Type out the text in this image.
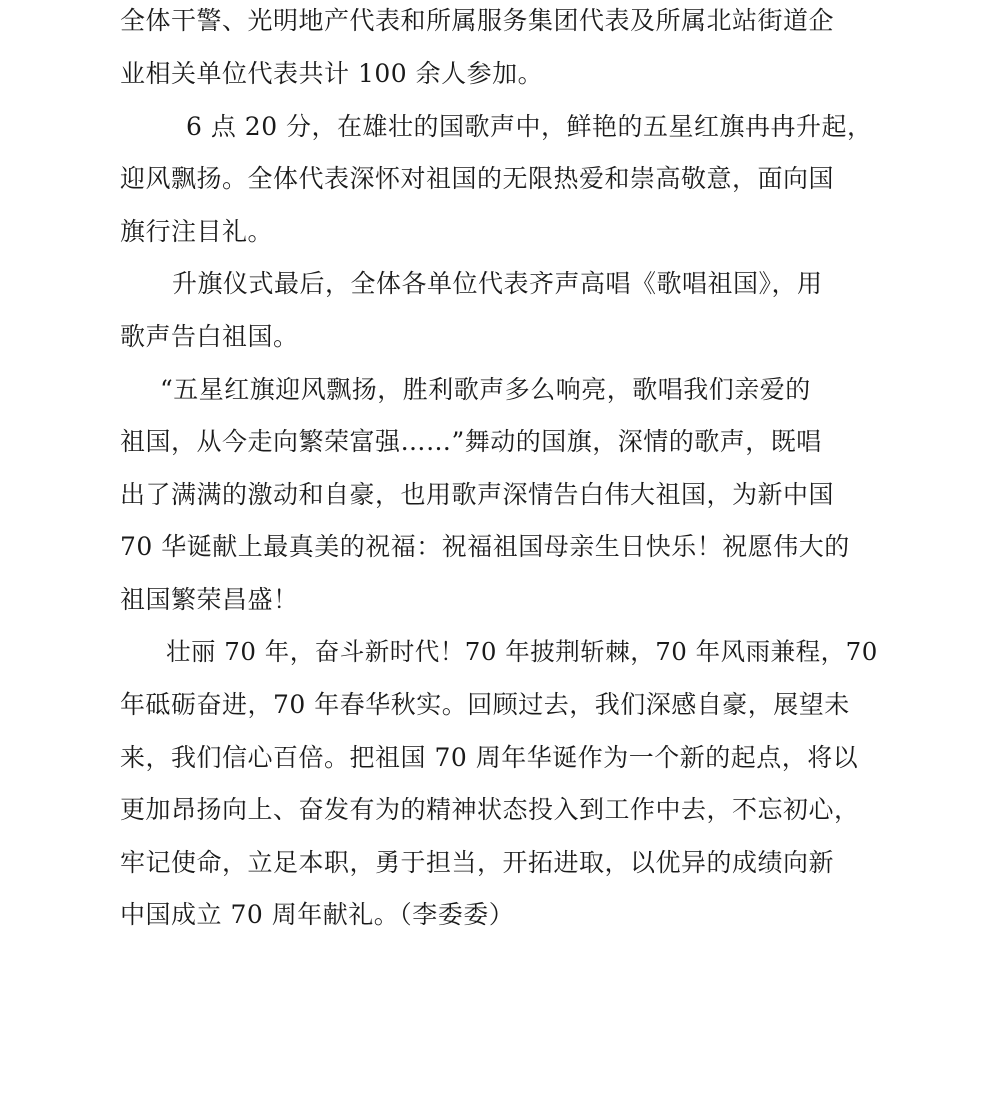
全体干警、光明地产代表和所属服务集团代表及所属北站街道企
业相关单位代表共计 100 余人参加。
6 点 20 分，在雄壮的国歌声中，鲜艳的五星红旗冉冉升起，
迎风飘扬。全体代表深怀对祖国的无限热爱和崇高敬意，面向国
旗行注目礼。
升旗仪式最后，全体各单位代表齐声高唱《歌唱祖国》，用
歌声告白祖国。
“五星红旗迎风飘扬，胜利歌声多么响亮，歌唱我们亲爱的
祖国，从今走向繁荣富强……”舞动的国旗，深情的歌声，既唱
出了满满的激动和自豪，也用歌声深情告白伟大祖国，为新中国
70 华诞献上最真美的祝福：祝福祖国母亲生日快乐！祝愿伟大的
祖国繁荣昌盛！
壮丽 70 年，奋斗新时代！70 年披荆斩棘，70 年风雨兼程，70
年砥砺奋进，70 年春华秋实。回顾过去，我们深感自豪，展望未
来，我们信心百倍。把祖国 70 周年华诞作为一个新的起点，将以
更加昂扬向上、奋发有为的精神状态投入到工作中去，不忘初心，
牢记使命，立足本职，勇于担当，开拓进取，以优异的成绩向新
中国成立 70 周年献礼。（李委委）
